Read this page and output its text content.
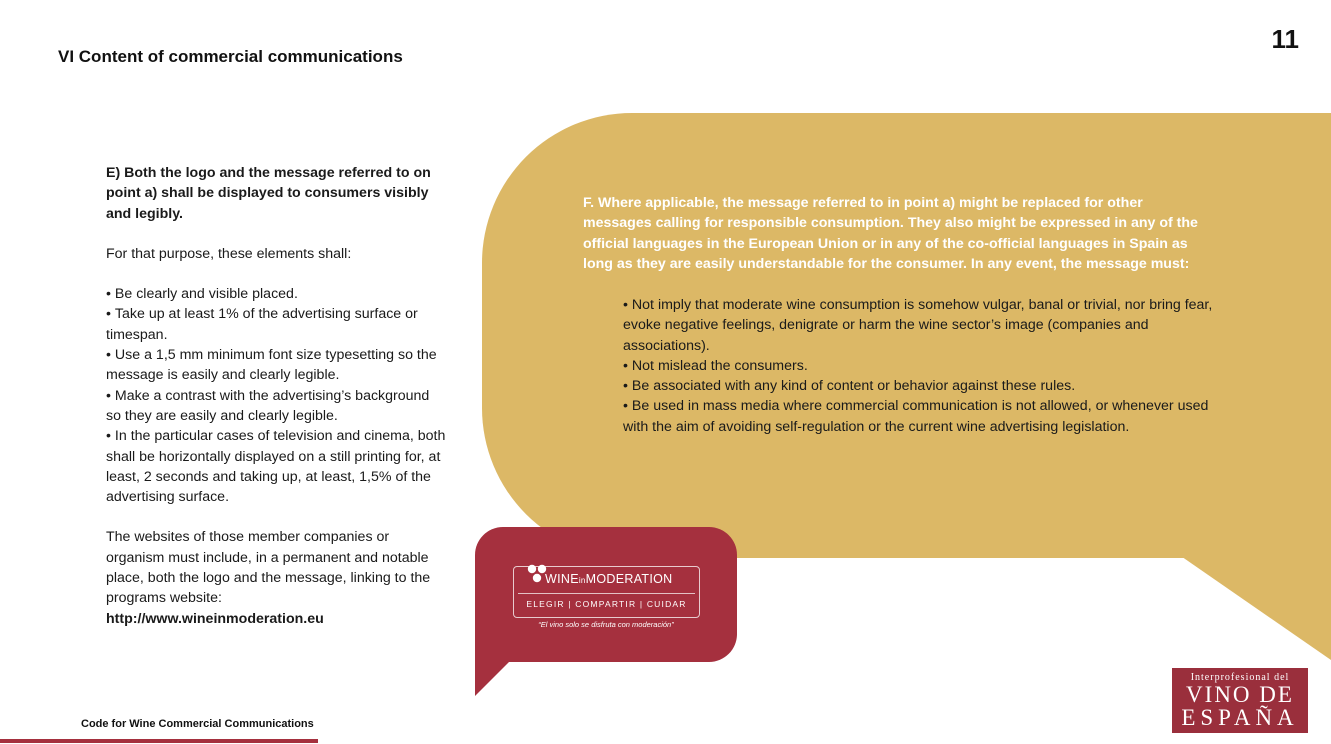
11
VI Content of commercial communications

E) Both the logo and the message referred to on point a) shall be displayed to consumers visibly and legibly.

For that purpose, these elements shall:

• Be clearly and visible placed.
• Take up at least 1% of the advertising surface or timespan.
• Use a 1,5 mm minimum font size typesetting so the message is easily and clearly legible.
• Make a contrast with the advertising’s background so they are easily and clearly legible.
• In the particular cases of television and cinema, both shall be horizontally displayed on a still printing for, at least, 2 seconds and taking up, at least, 1,5% of the advertising surface.

The websites of those member companies or organism must include, in a permanent and notable place, both the logo and the message, linking to the programs website:

http://www.wineinmoderation.eu

F. Where applicable, the message referred to in point a) might be replaced for other messages calling for responsible consumption. They also might be expressed in any of the official languages in the European Union or in any of the co-official languages in Spain as long as they are easily understandable for the consumer. In any event, the message must:
• Not imply that moderate wine consumption is somehow vulgar, banal or trivial, nor bring fear, evoke negative feelings, denigrate or harm the wine sector’s image (companies and associations).
• Not mislead the consumers.
• Be associated with any kind of content or behavior against these rules.
• Be used in mass media where commercial communication is not allowed, or whenever used with the aim of avoiding self-regulation or the current wine advertising legislation.
WINEinMODERATION
ELEGIR | COMPARTIR | CUIDAR
“El vino solo se disfruta con moderación”
Code for Wine Commercial Communications
Interprofesional del
VINO DE
ESPAÑA
